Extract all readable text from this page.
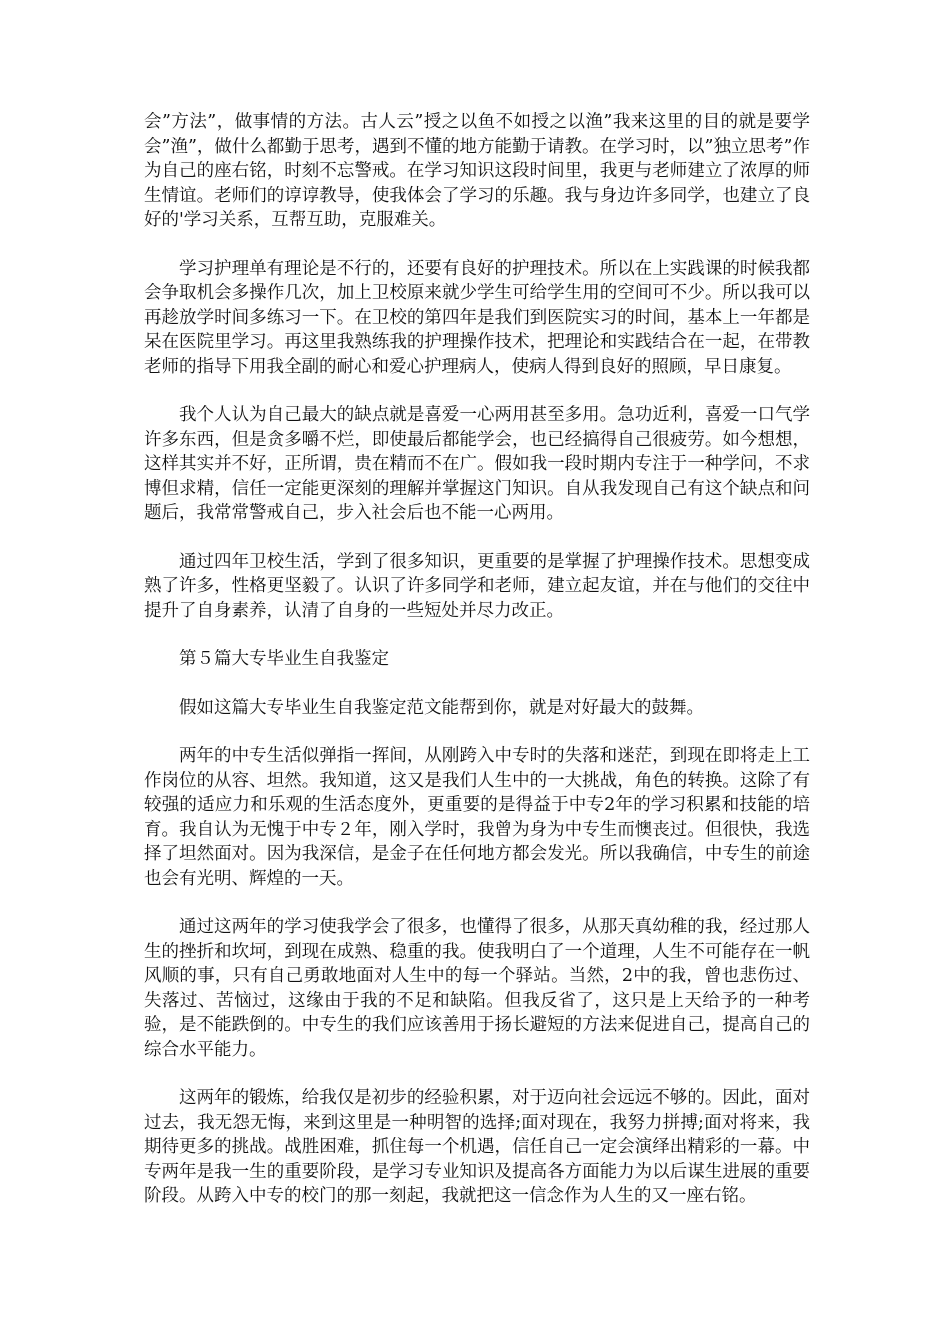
会”方法”，做事情的方法。古人云”授之以鱼不如授之以渔”我来这里的目的就是要学会”渔”，做什么都勤于思考，遇到不懂的地方能勤于请教。在学习时，以”独立思考”作为自己的座右铭，时刻不忘警戒。在学习知识这段时间里，我更与老师建立了浓厚的师生情谊。老师们的谆谆教导，使我体会了学习的乐趣。我与身边许多同学，也建立了良好的'学习关系，互帮互助，克服难关。

学习护理单有理论是不行的，还要有良好的护理技术。所以在上实践课的时候我都会争取机会多操作几次，加上卫校原来就少学生可给学生用的空间可不少。所以我可以再趁放学时间多练习一下。在卫校的第四年是我们到医院实习的时间，基本上一年都是呆在医院里学习。再这里我熟练我的护理操作技术，把理论和实践结合在一起，在带教老师的指导下用我全副的耐心和爱心护理病人，使病人得到良好的照顾，早日康复。

我个人认为自己最大的缺点就是喜爱一心两用甚至多用。急功近利，喜爱一口气学许多东西，但是贪多嚼不烂，即使最后都能学会，也已经搞得自己很疲劳。如今想想，这样其实并不好，正所谓，贵在精而不在广。假如我一段时期内专注于一种学问，不求博但求精，信任一定能更深刻的理解并掌握这门知识。自从我发现自己有这个缺点和问题后，我常常警戒自己，步入社会后也不能一心两用。

通过四年卫校生活，学到了很多知识，更重要的是掌握了护理操作技术。思想变成熟了许多，性格更坚毅了。认识了许多同学和老师，建立起友谊，并在与他们的交往中提升了自身素养，认清了自身的一些短处并尽力改正。

第５篇大专毕业生自我鉴定

假如这篇大专毕业生自我鉴定范文能帮到你，就是对好最大的鼓舞。

两年的中专生活似弹指一挥间，从刚跨入中专时的失落和迷茫，到现在即将走上工作岗位的从容、坦然。我知道，这又是我们人生中的一大挑战，角色的转换。这除了有较强的适应力和乐观的生活态度外，更重要的是得益于中专2年的学习积累和技能的培育。我自认为无愧于中专２年，刚入学时，我曾为身为中专生而懊丧过。但很快，我选择了坦然面对。因为我深信，是金子在任何地方都会发光。所以我确信，中专生的前途也会有光明、辉煌的一天。

通过这两年的学习使我学会了很多，也懂得了很多，从那天真幼稚的我，经过那人生的挫折和坎坷，到现在成熟、稳重的我。使我明白了一个道理，人生不可能存在一帆风顺的事，只有自己勇敢地面对人生中的每一个驿站。当然，2中的我，曾也悲伤过、失落过、苦恼过，这缘由于我的不足和缺陷。但我反省了，这只是上天给予的一种考验，是不能跌倒的。中专生的我们应该善用于扬长避短的方法来促进自己，提高自己的综合水平能力。

这两年的锻炼，给我仅是初步的经验积累，对于迈向社会远远不够的。因此，面对过去，我无怨无悔，来到这里是一种明智的选择;面对现在，我努力拼搏;面对将来，我期待更多的挑战。战胜困难，抓住每一个机遇，信任自己一定会演绎出精彩的一幕。中专两年是我一生的重要阶段，是学习专业知识及提高各方面能力为以后谋生进展的重要阶段。从跨入中专的校门的那一刻起，我就把这一信念作为人生的又一座右铭。
